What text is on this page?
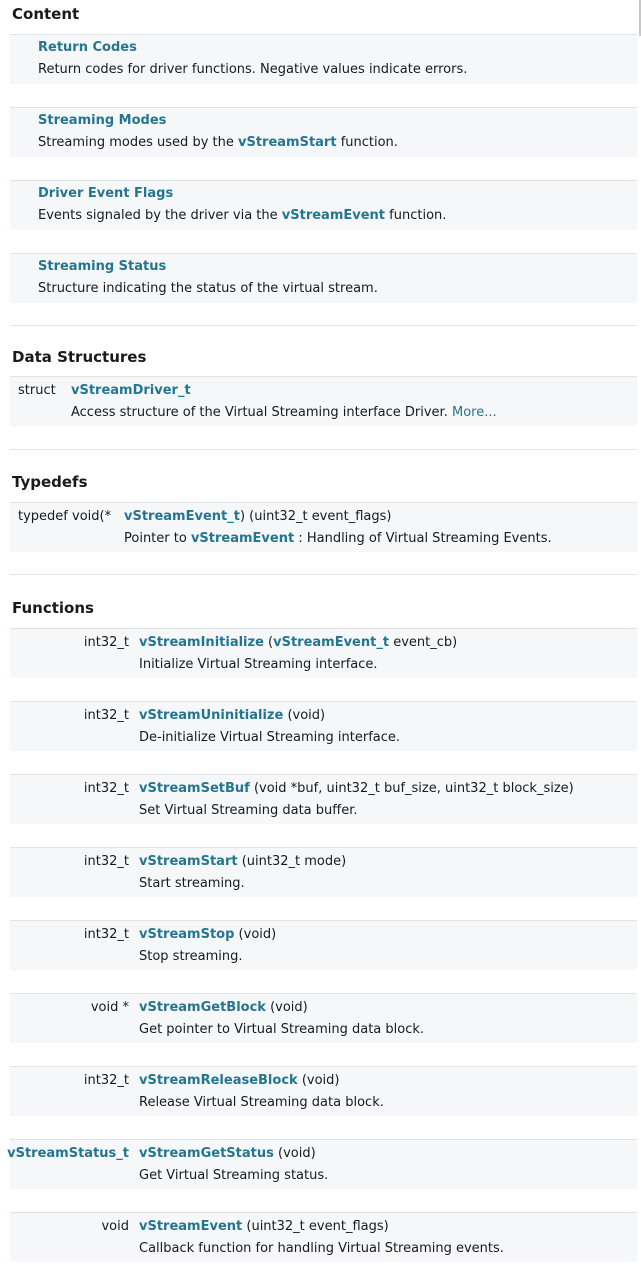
Content
Return Codes
Return codes for driver functions. Negative values indicate errors.
Streaming Modes
Streaming modes used by the vStreamStart function.
Driver Event Flags
Events signaled by the driver via the vStreamEvent function.
Streaming Status
Structure indicating the status of the virtual stream.
Data Structures
struct vStreamDriver_t
Access structure of the Virtual Streaming interface Driver. More...
Typedefs
typedef void(* vStreamEvent_t) (uint32_t event_flags)
Pointer to vStreamEvent : Handling of Virtual Streaming Events.
Functions
int32_t vStreamInitialize (vStreamEvent_t event_cb)
Initialize Virtual Streaming interface.
int32_t vStreamUninitialize (void)
De-initialize Virtual Streaming interface.
int32_t vStreamSetBuf (void *buf, uint32_t buf_size, uint32_t block_size)
Set Virtual Streaming data buffer.
int32_t vStreamStart (uint32_t mode)
Start streaming.
int32_t vStreamStop (void)
Stop streaming.
void * vStreamGetBlock (void)
Get pointer to Virtual Streaming data block.
int32_t vStreamReleaseBlock (void)
Release Virtual Streaming data block.
vStreamStatus_t vStreamGetStatus (void)
Get Virtual Streaming status.
void vStreamEvent (uint32_t event_flags)
Callback function for handling Virtual Streaming events.
